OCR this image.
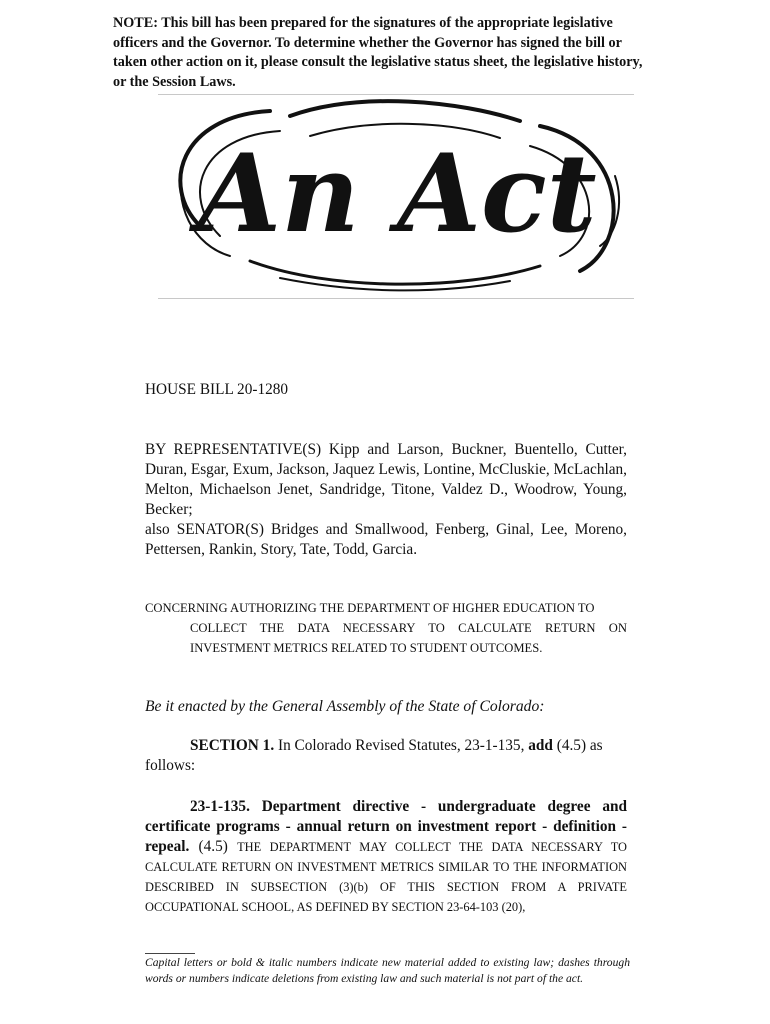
NOTE: This bill has been prepared for the signatures of the appropriate legislative officers and the Governor. To determine whether the Governor has signed the bill or taken other action on it, please consult the legislative status sheet, the legislative history, or the Session Laws.
An Act
HOUSE BILL 20-1280
BY REPRESENTATIVE(S) Kipp and Larson, Buckner, Buentello, Cutter, Duran, Esgar, Exum, Jackson, Jaquez Lewis, Lontine, McCluskie, McLachlan, Melton, Michaelson Jenet, Sandridge, Titone, Valdez D., Woodrow, Young, Becker;
also SENATOR(S) Bridges and Smallwood, Fenberg, Ginal, Lee, Moreno, Pettersen, Rankin, Story, Tate, Todd, Garcia.
CONCERNING AUTHORIZING THE DEPARTMENT OF HIGHER EDUCATION TO
COLLECT THE DATA NECESSARY TO CALCULATE RETURN ON INVESTMENT METRICS RELATED TO STUDENT OUTCOMES.
Be it enacted by the General Assembly of the State of Colorado:
SECTION 1. In Colorado Revised Statutes, 23-1-135, add (4.5) as follows:
23-1-135. Department directive - undergraduate degree and certificate programs - annual return on investment report - definition - repeal. (4.5) THE DEPARTMENT MAY COLLECT THE DATA NECESSARY TO CALCULATE RETURN ON INVESTMENT METRICS SIMILAR TO THE INFORMATION DESCRIBED IN SUBSECTION (3)(b) OF THIS SECTION FROM A PRIVATE OCCUPATIONAL SCHOOL, AS DEFINED BY SECTION 23-64-103 (20),
Capital letters or bold & italic numbers indicate new material added to existing law; dashes through words or numbers indicate deletions from existing law and such material is not part of the act.
